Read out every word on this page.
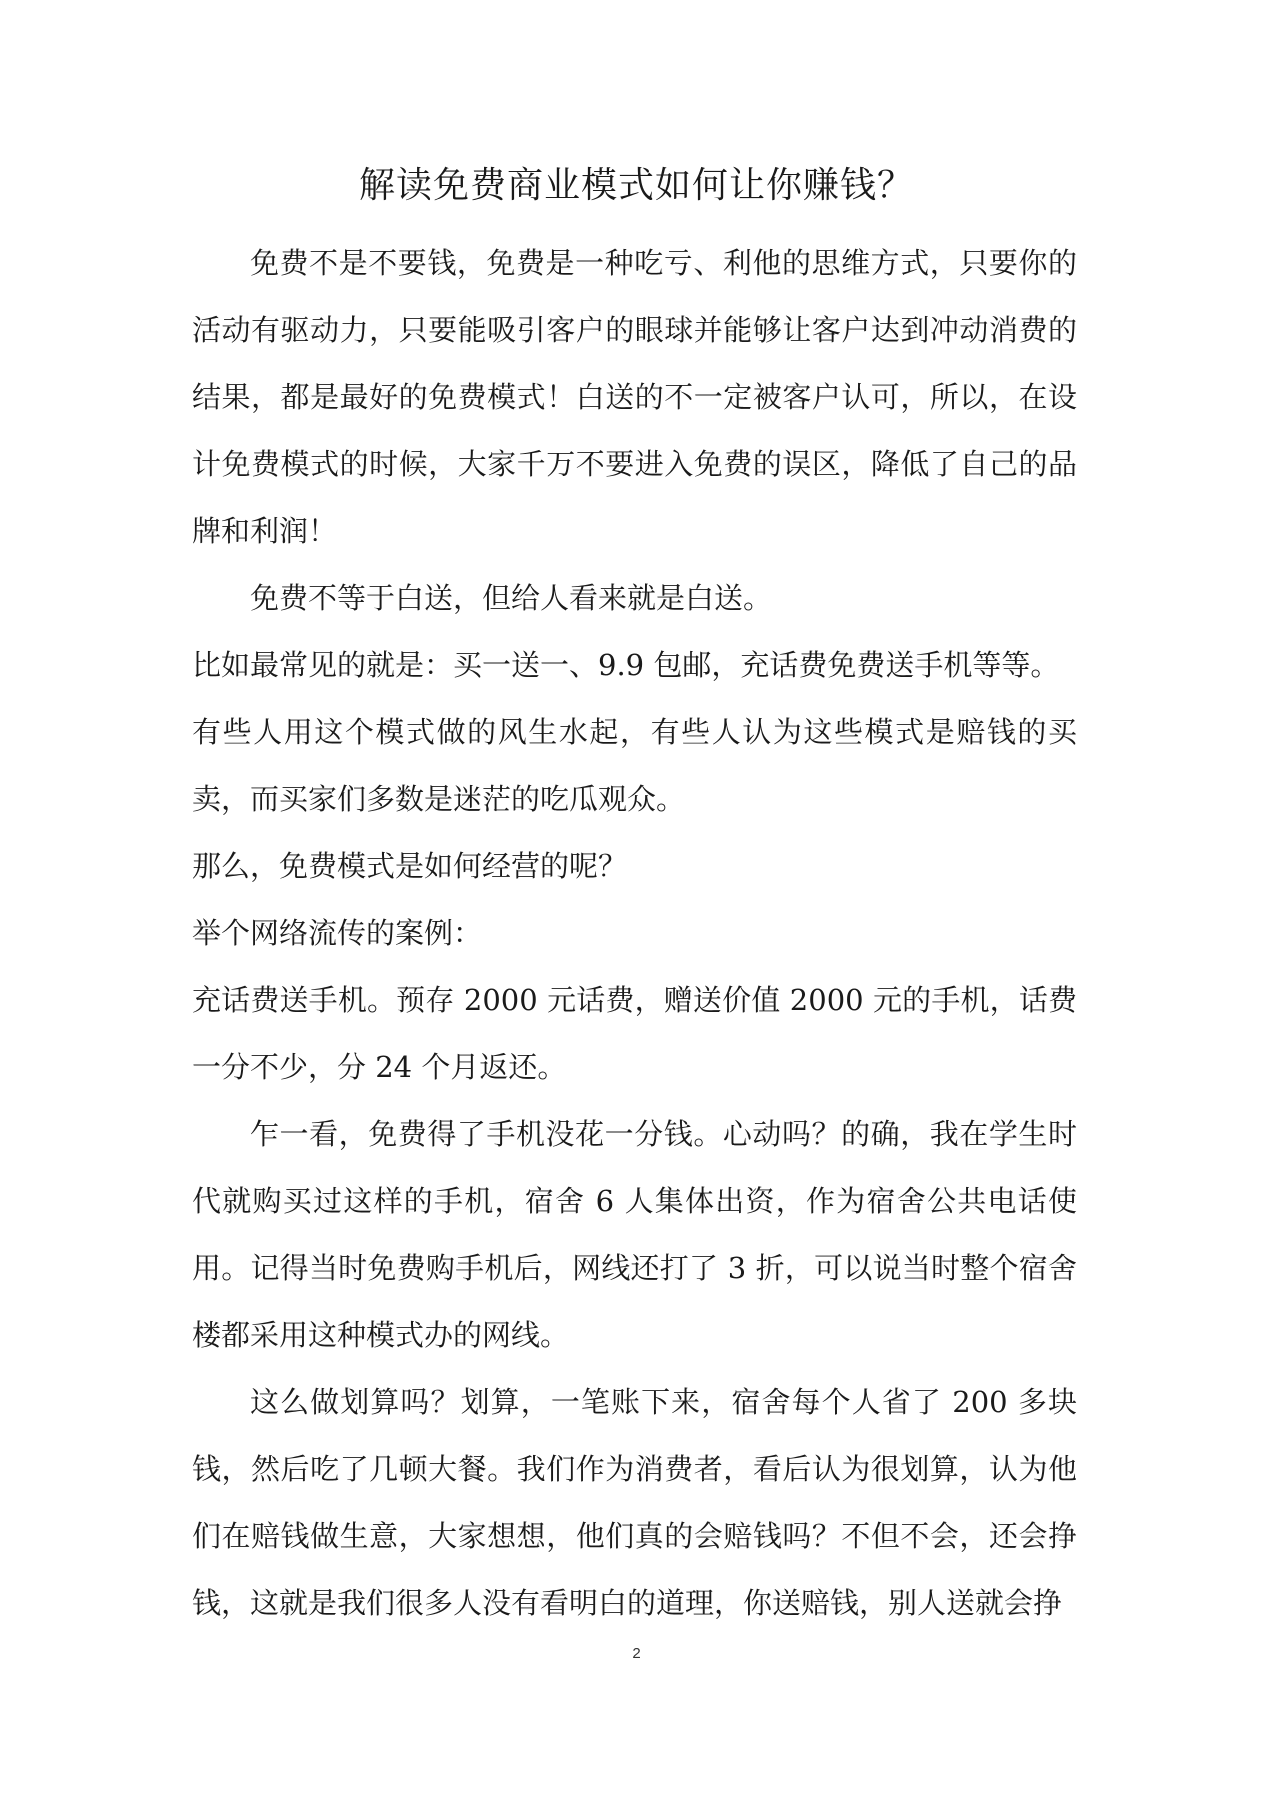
解读免费商业模式如何让你赚钱？

免费不是不要钱，免费是一种吃亏、利他的思维方式，只要你的活动有驱动力，只要能吸引客户的眼球并能够让客户达到冲动消费的结果，都是最好的免费模式！白送的不一定被客户认可，所以，在设计免费模式的时候，大家千万不要进入免费的误区，降低了自己的品牌和利润！

免费不等于白送，但给人看来就是白送。

比如最常见的就是：买一送一、9.9 包邮，充话费免费送手机等等。

有些人用这个模式做的风生水起，有些人认为这些模式是赔钱的买卖，而买家们多数是迷茫的吃瓜观众。

那么，免费模式是如何经营的呢？

举个网络流传的案例：

充话费送手机。预存 2000 元话费，赠送价值 2000 元的手机，话费一分不少，分 24 个月返还。

乍一看，免费得了手机没花一分钱。心动吗？的确，我在学生时代就购买过这样的手机，宿舍 6 人集体出资，作为宿舍公共电话使用。记得当时免费购手机后，网线还打了 3 折，可以说当时整个宿舍楼都采用这种模式办的网线。

这么做划算吗？划算，一笔账下来，宿舍每个人省了 200 多块钱，然后吃了几顿大餐。我们作为消费者，看后认为很划算，认为他们在赔钱做生意，大家想想，他们真的会赔钱吗？不但不会，还会挣钱，这就是我们很多人没有看明白的道理，你送赔钱，别人送就会挣

2
